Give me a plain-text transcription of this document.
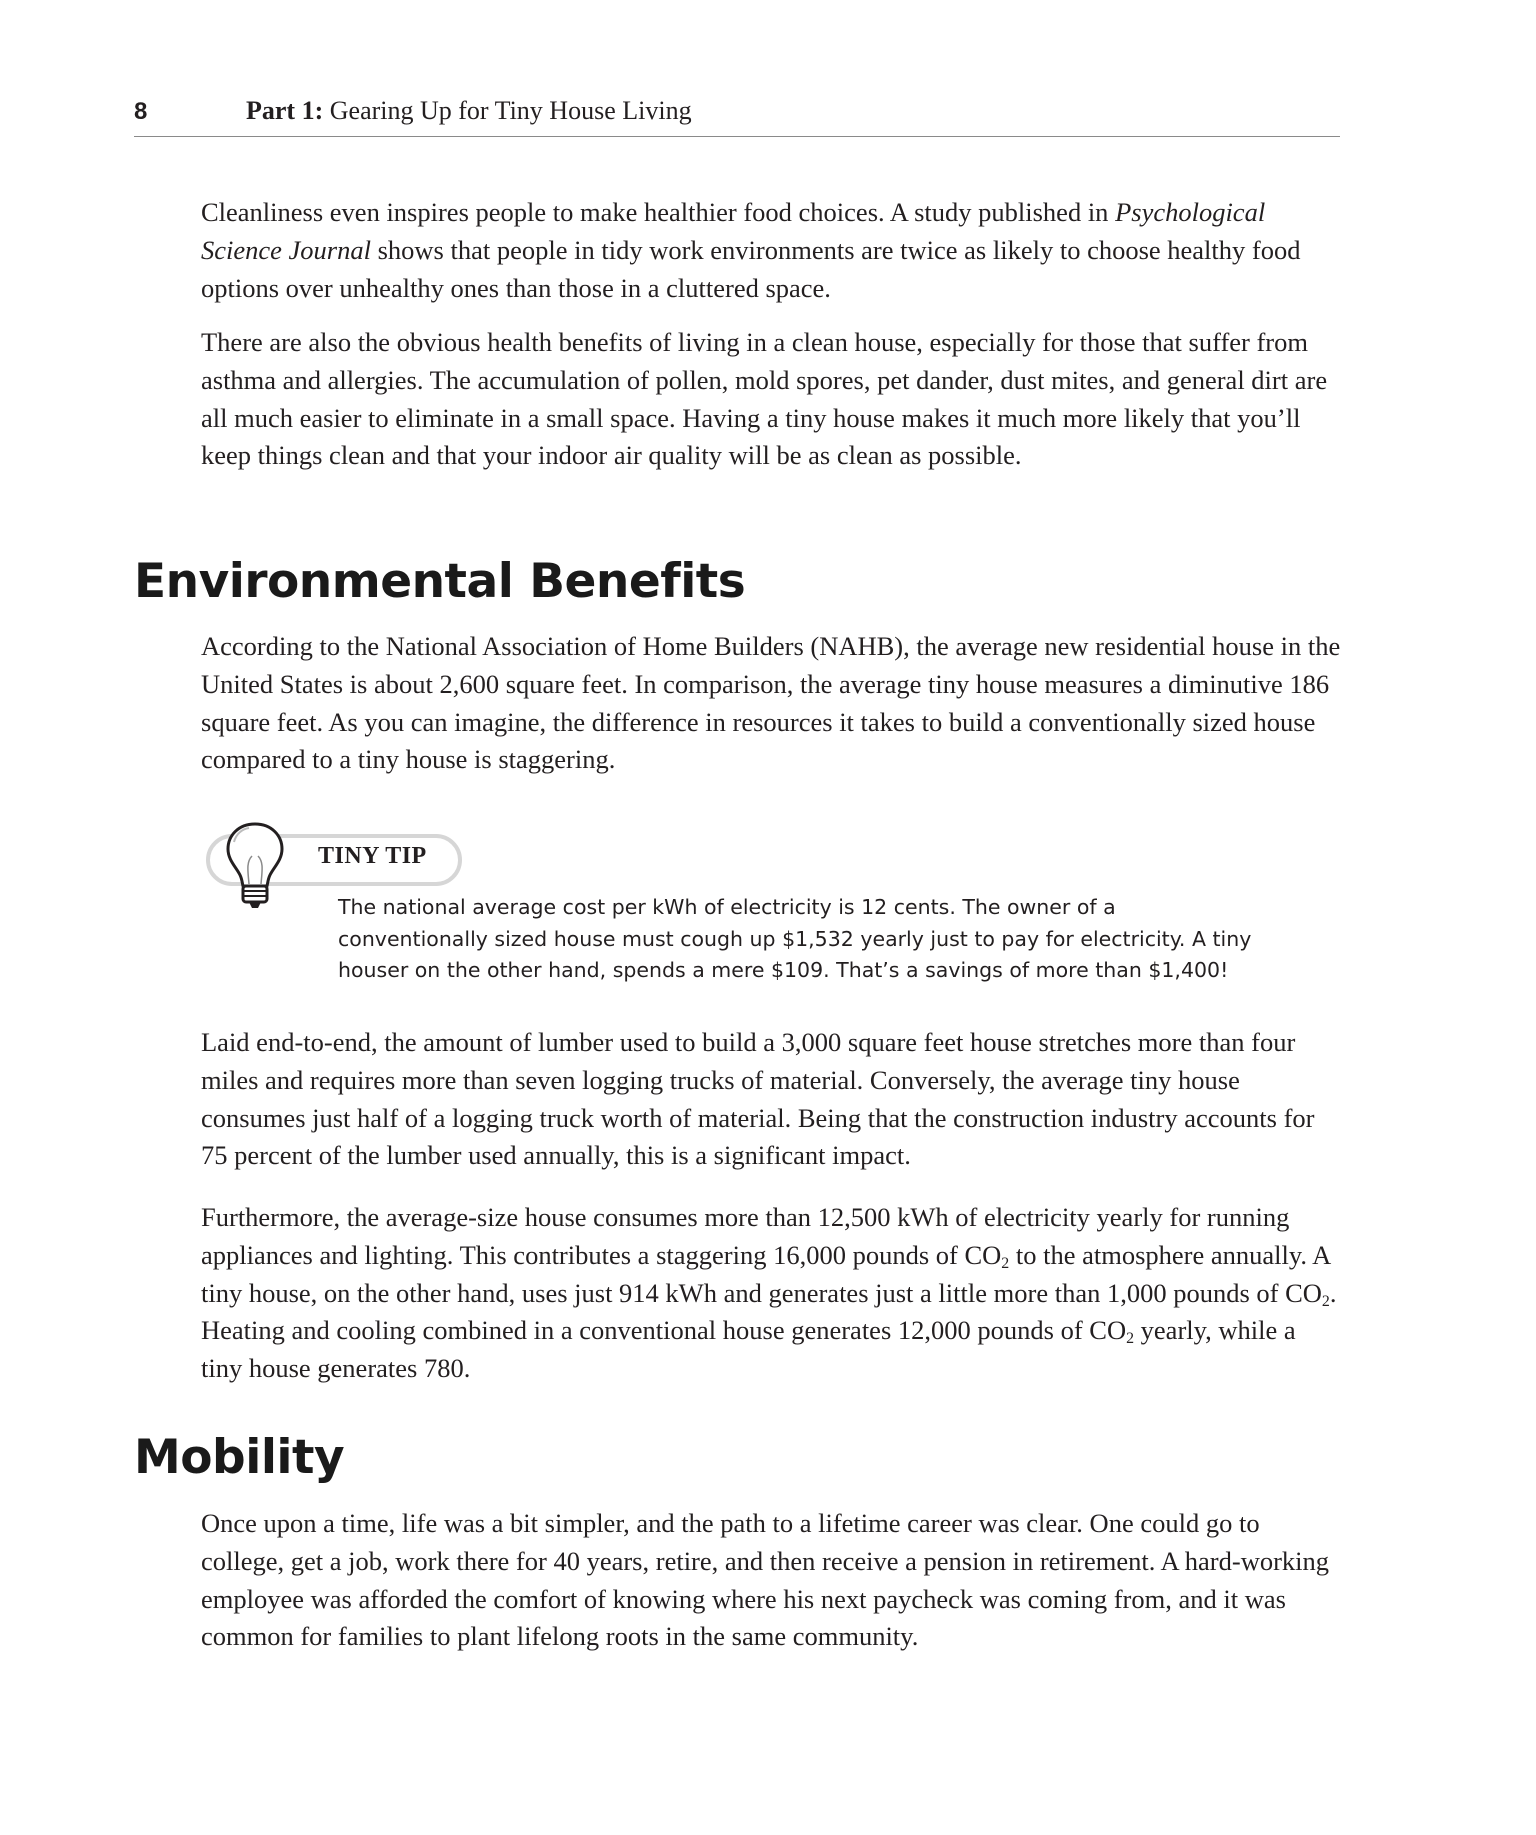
8	Part 1: Gearing Up for Tiny House Living

Cleanliness even inspires people to make healthier food choices. A study published in Psychological Science Journal shows that people in tidy work environments are twice as likely to choose healthy food options over unhealthy ones than those in a cluttered space.

There are also the obvious health benefits of living in a clean house, especially for those that suffer from asthma and allergies. The accumulation of pollen, mold spores, pet dander, dust mites, and general dirt are all much easier to eliminate in a small space. Having a tiny house makes it much more likely that you’ll keep things clean and that your indoor air quality will be as clean as possible.

Environmental Benefits

According to the National Association of Home Builders (NAHB), the average new residential house in the United States is about 2,600 square feet. In comparison, the average tiny house measures a diminutive 186 square feet. As you can imagine, the difference in resources it takes to build a conventionally sized house compared to a tiny house is staggering.

TINY TIP

The national average cost per kWh of electricity is 12 cents. The owner of a conventionally sized house must cough up $1,532 yearly just to pay for electricity. A tiny houser on the other hand, spends a mere $109. That’s a savings of more than $1,400!

Laid end-to-end, the amount of lumber used to build a 3,000 square feet house stretches more than four miles and requires more than seven logging trucks of material. Conversely, the average tiny house consumes just half of a logging truck worth of material. Being that the construction industry accounts for 75 percent of the lumber used annually, this is a significant impact.

Furthermore, the average-size house consumes more than 12,500 kWh of electricity yearly for running appliances and lighting. This contributes a staggering 16,000 pounds of $CO_2$ to the atmosphere annually. A tiny house, on the other hand, uses just 914 kWh and generates just a little more than 1,000 pounds of $CO_2$. Heating and cooling combined in a conventional house generates 12,000 pounds of $CO_2$ yearly, while a tiny house generates 780.

Mobility

Once upon a time, life was a bit simpler, and the path to a lifetime career was clear. One could go to college, get a job, work there for 40 years, retire, and then receive a pension in retirement. A hard-working employee was afforded the comfort of knowing where his next paycheck was coming from, and it was common for families to plant lifelong roots in the same community.
